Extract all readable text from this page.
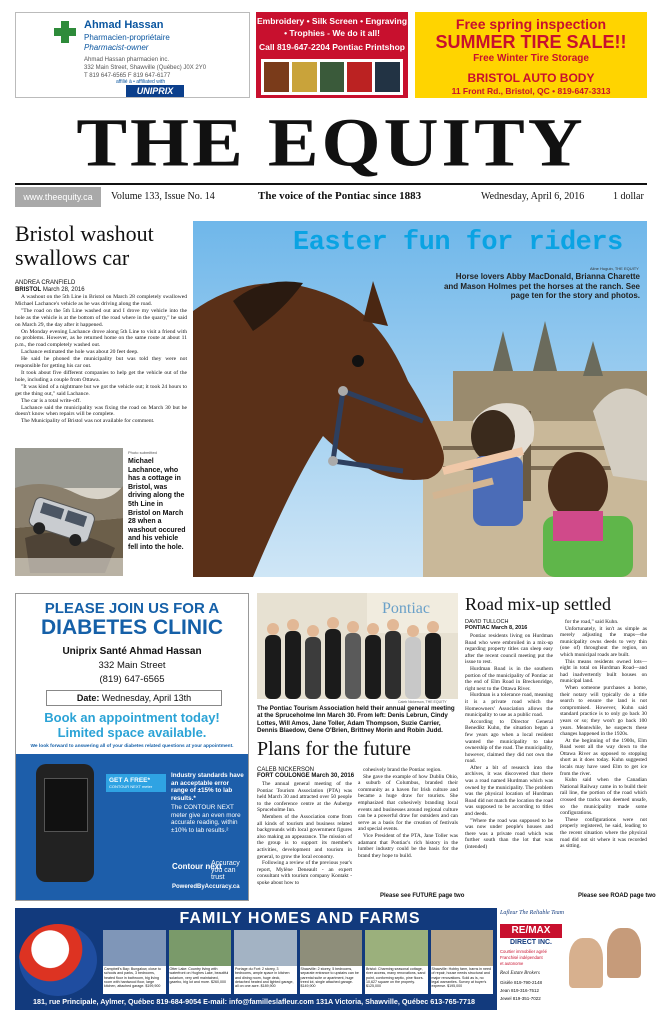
Ahmad Hassan
Pharmacien-propriétaire
Pharmacist-owner
Ahmad Hassan pharmacien inc.
332 Main Street, Shawville (Québec) J0X 2Y0
T 819 647-6565 F 819 647-6177
affilié à • affiliated with
UNIPRIX santé
Embroidery • Silk Screen • Engraving
• Trophies - We do it all!
Call 819-647-2204 Pontiac Printshop
Free spring inspection
SUMMER TIRE SALE!!
Free Winter Tire Storage
BRISTOL AUTO BODY
11 Front Rd., Bristol, QC • 819-647-3313
THE EQUITY
www.theequity.ca	Volume 133, Issue No. 14	The voice of the Pontiac since 1883	Wednesday, April 6, 2016	1 dollar
Bristol washout swallows car
ANDREA CRANFIELD
BRISTOL March 28, 2016

A washout on the 5th Line in Bristol on March 28 completely swallowed Michael Lachance's vehicle as he was driving along the road.

"The road on the 5th Line washed out and I drove my vehicle into the hole as the vehicle is at the bottom of the road where in the quarry," he said on March 29, the day after it happened.

On Monday evening Lachance drove along 5th Line to visit a friend with no problems. However, as he returned home on the same route at about 11 p.m., the road completely washed out.

Lachance estimated the hole was about 20 feet deep.

He said he phoned the municipality but was told they were not responsible for getting his car out.

It took about five different companies to help get the vehicle out of the hole, including a couple from Ottawa.

"It was kind of a nightmare but we got the vehicle out; it took 24 hours to get the thing out," said Lachance.

The car is a total write-off.

Lachance said the municipality was fixing the road on March 30 but he doesn't know when repairs will be complete.

The Municipality of Bristol was not available for comment.

Photo submitted
Michael Lachance, who has a cottage in Bristol, was driving along the 5th Line in Bristol on March 28 when a washout occured and his vehicle fell into the hole.
Easter fun for riders
Aline Huguin, THE EQUITY
Horse lovers Abby MacDonald, Brianna Charette and Mason Holmes pet the horses at the ranch. See page ten for the story and photos.
PLEASE JOIN US FOR A
DIABETES CLINIC
Uniprix Santé Ahmad Hassan
332 Main Street
(819) 647-6565
Date: Wednesday, April 13th
Book an appointment today!
Limited space available.
We look forward to answering all of your diabetes related questions at your appointment.
GET A FREE*
CONTOUR NEXT meter
Industry standards have an acceptable error range of ±15% to lab results.*
The CONTOUR NEXT meter give an even more accurate reading, within ±10% to lab results.²
Contour next
Accuracy you can trust
PoweredByAccuracy.ca
Pontiac
Caleb Nickerson, THE EQUITY
The Pontiac Tourism Association held their annual general meeting at the Spruceholme Inn March 30. From left: Denis Lebrun, Cindy Lottes, Will Amos, Jane Toller, Adam Thompson, Suzie Carrier, Dennis Blaedow, Gene O'Brien, Brittney Morin and Robin Judd.
Plans for the future
CALEB NICKERSON
FORT COULONGE March 30, 2016

The annual general meeting of the Pontiac Tourism Association (PTA) was held March 30 and attracted over 50 people to the conference centre at the Auberge Spruceholme Inn.

Members of the Association come from all kinds of tourism and business related backgrounds with local government figures also making an appearance. The mission of the group is to support its member's activities, development and tourism in general, to grow the local economy.

Following a review of the previous year's report, Mylène Deneault - an expert consultant with tourism company Kontakt - spoke about how to

cohesively brand the Pontiac region.

She gave the example of how Dublin Ohio, a suburb of Columbus, branded their community as a haven for Irish culture and became a huge draw for tourists. She emphasized that cohesively branding local events and businesses around regional culture can be a powerful draw for outsiders and can serve as a basis for the creation of festivals and special events.

Vice President of the PTA, Jane Toller was adamant that Pontiac's rich history in the lumber industry could be the basis for the brand they hope to build.

Please see FUTURE page two
Road mix-up settled
DAVID TULLOCH
PONTIAC March 8, 2016

Pontiac residents living on Hurdman Road who were embroiled in a mix-up regarding property titles can sleep easy after the recent council meeting put the issue to rest.

Hurdman Road is in the southern portion of the municipality of Pontiac at the end of Elm Road in Breckenridge, right next to the Ottawa River.

Hurdman is a tolerance road, meaning it is a private road which the Homeowners' Association allows the municipality to use as a public road.

According to Director General Benedikt Kuhn, the situation began a few years ago when a local resident wanted the municipality to take ownership of the road. The municipality, however, claimed they did not own the road.

After a bit of research into the archives, it was discovered that there was a road named Hurdman which was owned by the municipality. The problem was the physical location of Hurdman Road did not match the location the road was supposed to be according to titles and deeds.

"Where the road was supposed to be was now under people's houses and there was a private road which was further south than the lot that was (intended)

for the road," said Kuhn.

Unfortunately, it isn't as simple as merely adjusting the maps—the municipality owns deeds to very thin (one of) throughout the region, on which municipal roads are built.

This means residents owned lots—eight in total on Hurdman Road—and had inadvertently built houses on municipal land.

When someone purchases a home, their notary will typically do a title search to ensure the land is not compromised. However, Kuhn said standard practice is to only go back 30 years or so; they won't go back 100 years. Meanwhile, he suspects these changes happened in the 1920s.

At the beginning of the 1900s, Elm Road went all the way down to the Ottawa River as opposed to stopping short as it does today. Kuhn suggested locals may have used Elm to get ice from the river.

Kuhn said when the Canadian National Railway came in to build their rail line, the portion of the road which crossed the tracks was deemed unsafe, so the municipality made some configurations.

These configurations were not properly registered, he said, leading to the recent situation where the physical road did not sit where it was recorded as sitting.

Please see ROAD page two
FAMILY HOMES AND FARMS
Campbell's Bay: Bungalow, close to schools and parks, 3 bedrooms, heated floor in bathroom, big living room with hardwood floor, large kitchen, attached garage. $199,900
Otter Lake: Country living with waterfront on Hughes Lake, beautiful solarium, very well maintained, gazebo, big lot and more. $260,000
Portage du Fort: 2 storey, 3 bedrooms, ample space in kitchen and dining room, huge deck, detached heated and lighted garage, all on one acre. $189,900
Shawville: 2 storey, 5 bedrooms, separate entrance to upstairs can be parental suite or apartment, huge treed lot, single attached garage. $149,900
Bristol: Charming seasonal cottage, river access, many renovations, sand point, conforming septic, pine floors. 10,627 square on the property. $125,000
Shawville: Hobby farm, barns in need of repair, house needs structural and major renovations. Sold as is, no legal warranties. Survey at buyer's expense. $195,000
181, rue Principale, Aylmer, Québec 819-684-9054 E-mail: info@familleslafleur.com 131A Victoria, Shawville, Québec 613-765-7718
Lafleur The Reliable Team
RE/MAX
DIRECT INC.
Courtier immobilier agréé
Franchisé indépendant
et autonome
Real Estate Brokers
Gisèle 819-790-2148
Jean 819-316-7512
Jewel 819-351-7022
